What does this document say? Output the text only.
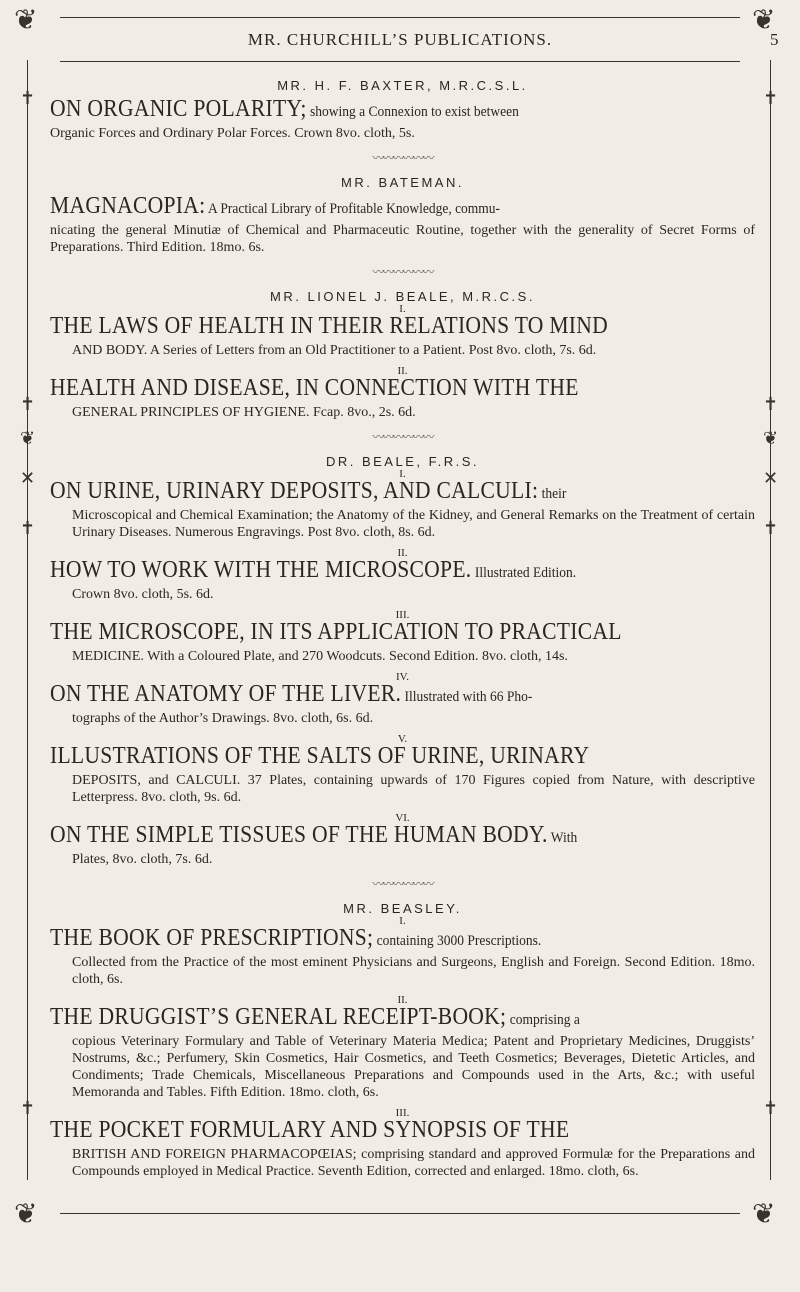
❦	❦
❦	❦
✝
✝
❦
✕
✝
✝
✝
✝
❦
✕
✝
✝
MR. CHURCHILL’S PUBLICATIONS.	5

MR. H. F. BAXTER, M.R.C.S.L.

ON ORGANIC POLARITY; showing a Connexion to exist between

Organic Forces and Ordinary Polar Forces. Crown 8vo. cloth, 5s.

〰〰〰〰〰〰

MR. BATEMAN.

MAGNACOPIA: A Practical Library of Profitable Knowledge, commu-

nicating the general Minutiæ of Chemical and Pharmaceutic Routine, together with the generality of Secret Forms of Preparations. Third Edition. 18mo. 6s.

〰〰〰〰〰〰

MR. LIONEL J. BEALE, M.R.C.S.

I.

THE LAWS OF HEALTH IN THEIR RELATIONS TO MIND

AND BODY. A Series of Letters from an Old Practitioner to a Patient. Post 8vo. cloth, 7s. 6d.

II.

HEALTH AND DISEASE, IN CONNECTION WITH THE

GENERAL PRINCIPLES OF HYGIENE. Fcap. 8vo., 2s. 6d.

〰〰〰〰〰〰

DR. BEALE, F.R.S.

I.

ON URINE, URINARY DEPOSITS, AND CALCULI: their

Microscopical and Chemical Examination; the Anatomy of the Kidney, and General Remarks on the Treatment of certain Urinary Diseases. Numerous Engravings. Post 8vo. cloth, 8s. 6d.

II.

HOW TO WORK WITH THE MICROSCOPE. Illustrated Edition.

Crown 8vo. cloth, 5s. 6d.

III.

THE MICROSCOPE, IN ITS APPLICATION TO PRACTICAL

MEDICINE. With a Coloured Plate, and 270 Woodcuts. Second Edition. 8vo. cloth, 14s.

IV.

ON THE ANATOMY OF THE LIVER. Illustrated with 66 Pho-

tographs of the Author’s Drawings. 8vo. cloth, 6s. 6d.

V.

ILLUSTRATIONS OF THE SALTS OF URINE, URINARY

DEPOSITS, and CALCULI. 37 Plates, containing upwards of 170 Figures copied from Nature, with descriptive Letterpress. 8vo. cloth, 9s. 6d.

VI.

ON THE SIMPLE TISSUES OF THE HUMAN BODY. With

Plates, 8vo. cloth, 7s. 6d.

〰〰〰〰〰〰

MR. BEASLEY.

I.

THE BOOK OF PRESCRIPTIONS; containing 3000 Prescriptions.

Collected from the Practice of the most eminent Physicians and Surgeons, English and Foreign. Second Edition. 18mo. cloth, 6s.

II.

THE DRUGGIST’S GENERAL RECEIPT-BOOK; comprising a

copious Veterinary Formulary and Table of Veterinary Materia Medica; Patent and Proprietary Medicines, Druggists’ Nostrums, &c.; Perfumery, Skin Cosmetics, Hair Cosmetics, and Teeth Cosmetics; Beverages, Dietetic Articles, and Condiments; Trade Chemicals, Miscellaneous Preparations and Compounds used in the Arts, &c.; with useful Memoranda and Tables. Fifth Edition. 18mo. cloth, 6s.

III.

THE POCKET FORMULARY AND SYNOPSIS OF THE

BRITISH AND FOREIGN PHARMACOPŒIAS; comprising standard and approved Formulæ for the Preparations and Compounds employed in Medical Practice. Seventh Edition, corrected and enlarged. 18mo. cloth, 6s.
